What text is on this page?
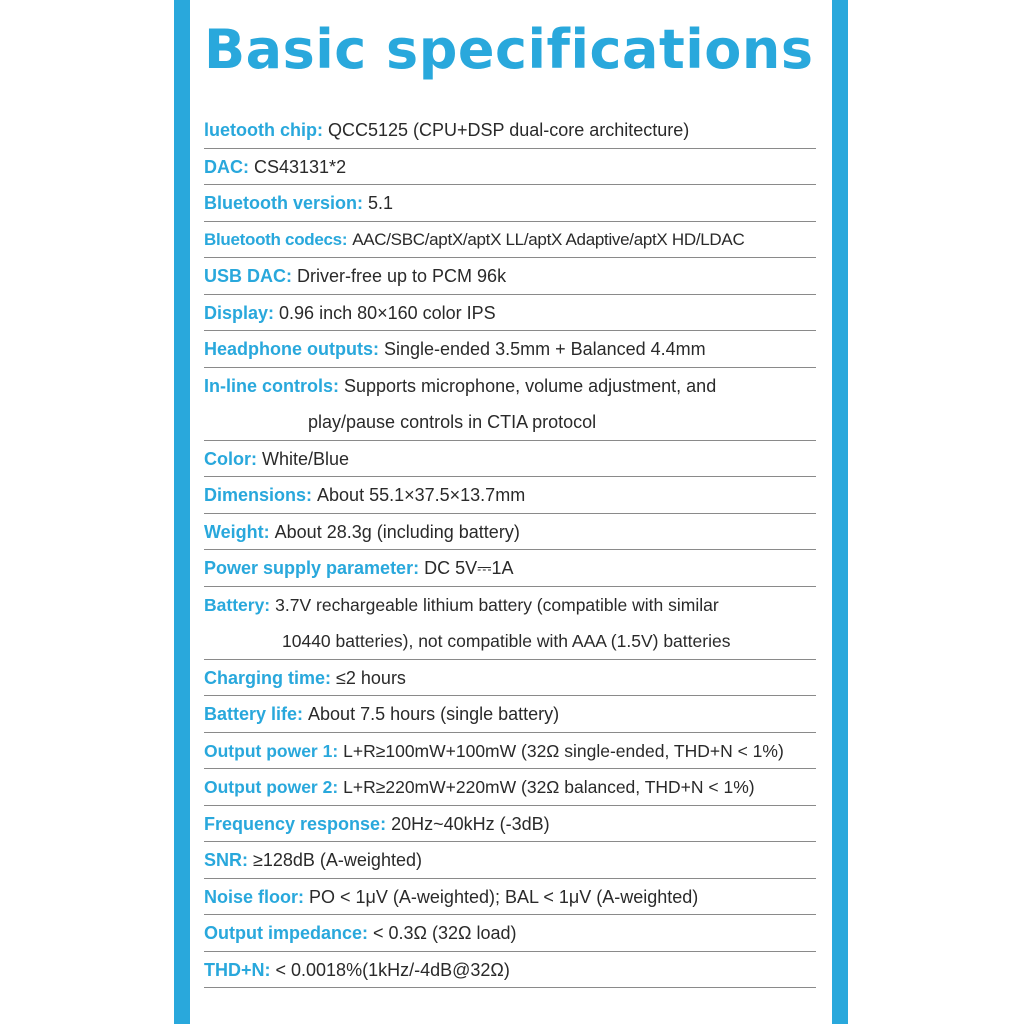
Basic specifications
luetooth chip: QCC5125 (CPU+DSP dual-core architecture)
DAC: CS43131*2
Bluetooth version: 5.1
Bluetooth codecs: AAC/SBC/aptX/aptX LL/aptX Adaptive/aptX HD/LDAC
USB DAC: Driver-free up to PCM 96k
Display: 0.96 inch 80×160 color IPS
Headphone outputs: Single-ended 3.5mm + Balanced 4.4mm
In-line controls: Supports microphone, volume adjustment, and
play/pause controls in CTIA protocol
Color: White/Blue
Dimensions: About 55.1×37.5×13.7mm
Weight: About 28.3g (including battery)
Power supply parameter: DC 5V⎓1A
Battery: 3.7V rechargeable lithium battery (compatible with similar
10440 batteries), not compatible with AAA (1.5V) batteries
Charging time: ≤2 hours
Battery life: About 7.5 hours (single battery)
Output power 1: L+R≥100mW+100mW (32Ω single-ended, THD+N < 1%)
Output power 2: L+R≥220mW+220mW (32Ω balanced, THD+N < 1%)
Frequency response: 20Hz~40kHz (-3dB)
SNR: ≥128dB (A-weighted)
Noise floor: PO < 1μV (A-weighted); BAL < 1μV (A-weighted)
Output impedance: < 0.3Ω (32Ω load)
THD+N: < 0.0018%(1kHz/-4dB@32Ω)
